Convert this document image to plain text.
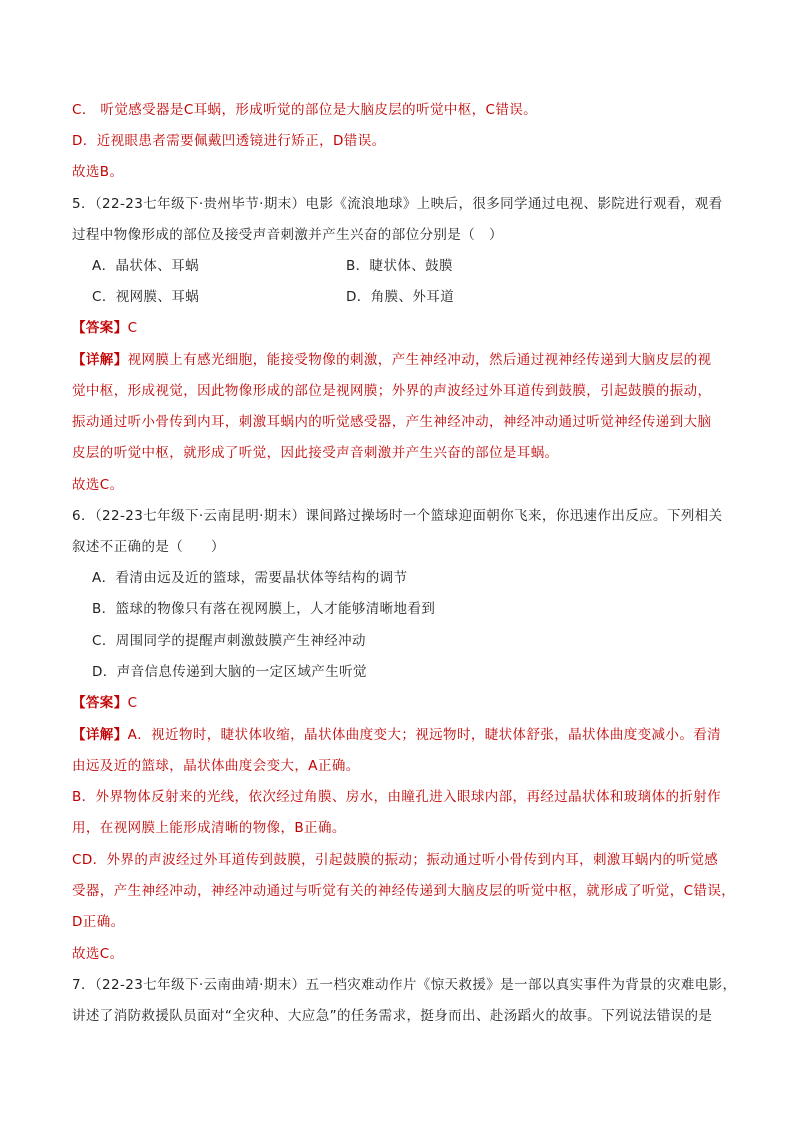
C． 听觉感受器是C耳蜗，形成听觉的部位是大脑皮层的听觉中枢，C错误。
D．近视眼患者需要佩戴凹透镜进行矫正，D错误。
故选B。
5．（22-23七年级下·贵州毕节·期末）电影《流浪地球》上映后，很多同学通过电视、影院进行观看，观看
过程中物像形成的部位及接受声音刺激并产生兴奋的部位分别是（　）
A．晶状体、耳蜗	B．睫状体、鼓膜
C．视网膜、耳蜗	D．角膜、外耳道
【答案】C
【详解】视网膜上有感光细胞，能接受物像的刺激，产生神经冲动，然后通过视神经传递到大脑皮层的视
觉中枢，形成视觉，因此物像形成的部位是视网膜；外界的声波经过外耳道传到鼓膜，引起鼓膜的振动，
振动通过听小骨传到内耳，刺激耳蜗内的听觉感受器，产生神经冲动，神经冲动通过听觉神经传递到大脑
皮层的听觉中枢，就形成了听觉，因此接受声音刺激并产生兴奋的部位是耳蜗。
故选C。
6．（22-23七年级下·云南昆明·期末）课间路过操场时一个篮球迎面朝你飞来，你迅速作出反应。下列相关
叙述不正确的是（　　）
A．看清由远及近的篮球，需要晶状体等结构的调节
B．篮球的物像只有落在视网膜上，人才能够清晰地看到
C．周围同学的提醒声刺激鼓膜产生神经冲动
D．声音信息传递到大脑的一定区域产生听觉
【答案】C
【详解】A．视近物时，睫状体收缩，晶状体曲度变大；视远物时，睫状体舒张，晶状体曲度变减小。看清
由远及近的篮球，晶状体曲度会变大，A正确。
B．外界物体反射来的光线，依次经过角膜、房水，由瞳孔进入眼球内部，再经过晶状体和玻璃体的折射作
用，在视网膜上能形成清晰的物像，B正确。
CD．外界的声波经过外耳道传到鼓膜，引起鼓膜的振动；振动通过听小骨传到内耳，刺激耳蜗内的听觉感
受器，产生神经冲动，神经冲动通过与听觉有关的神经传递到大脑皮层的听觉中枢，就形成了听觉，C错误，
D正确。
故选C。
7．（22-23七年级下·云南曲靖·期末）五一档灾难动作片《惊天救援》是一部以真实事件为背景的灾难电影，
讲述了消防救援队员面对“全灾种、大应急”的任务需求，挺身而出、赴汤蹈火的故事。下列说法错误的是
